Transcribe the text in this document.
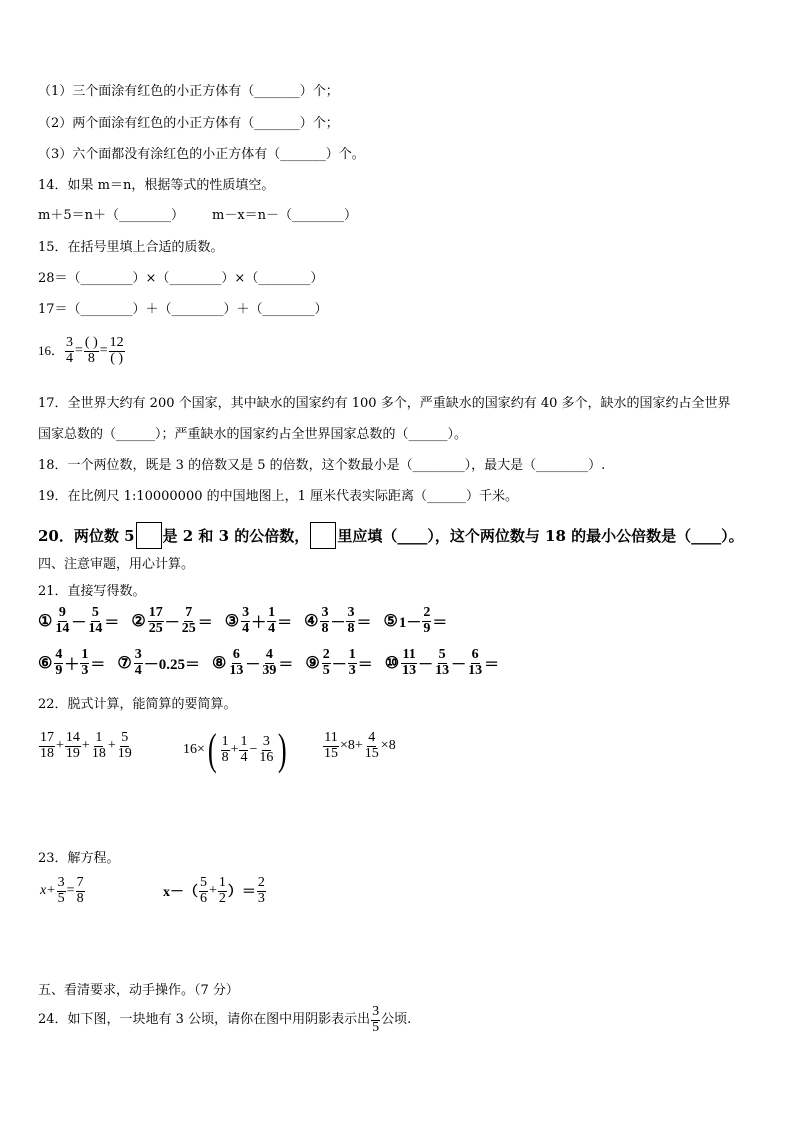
（1）三个面涂有红色的小正方体有（_______）个；
（2）两个面涂有红色的小正方体有（_______）个；
（3）六个面都没有涂红色的小正方体有（_______）个。
14．如果 m＝n，根据等式的性质填空。
m＋5＝n＋（________） m－x＝n－（________）
15．在括号里填上合适的质数。
28＝（________）×（________）×（________）
17＝（________）＋（________）＋（________）
16． $\frac{3}{4} = \frac{( )}{8} = \frac{12}{( )}$
17．全世界大约有 200 个国家，其中缺水的国家约有 100 多个，严重缺水的国家约有 40 多个，缺水的国家约占全世界
国家总数的（______）；严重缺水的国家约占全世界国家总数的（______）。
18．一个两位数，既是 3 的倍数又是 5 的倍数，这个数最小是（________），最大是（________）.
19．在比例尺 1:10000000 的中国地图上，1 厘米代表实际距离（______）千米。
20．两位数 5 是 2 和 3 的公倍数， 里应填（____），这个两位数与 18 的最小公倍数是（____）。
四、注意审题，用心计算。
21．直接写得数。
① $\frac{9}{14} - \frac{5}{14}$ ＝ ② $\frac{17}{25} - \frac{7}{25}$ ＝ ③ $\frac{3}{4} + \frac{1}{4}$ ＝ ④ $\frac{3}{8} - \frac{3}{8}$ ＝ ⑤ $1- \frac{2}{9}$ ＝
⑥ $\frac{4}{9} + \frac{1}{3}$ ＝ ⑦ $\frac{3}{4} -0.25$ ＝ ⑧ $\frac{6}{13} - \frac{4}{39}$ ＝ ⑨ $\frac{2}{5} - \frac{1}{3}$ ＝ ⑩ $\frac{11}{13} - \frac{5}{13} - \frac{6}{13}$ ＝
22．脱式计算，能简算的要简算。
$\frac{17}{18} + \frac{14}{19} + \frac{1}{18} + \frac{5}{19}$	16× ( $\frac{1}{8} + \frac{1}{4} - \frac{3}{16}$ )	$\frac{11}{15} \times 8+ \frac{4}{15} \times 8$
23．解方程。
$x+ \frac{3}{5} = \frac{7}{8}$	$x-( \frac{5}{6} + \frac{1}{2}$ ）＝ $\frac{2}{3}$
五、看清要求，动手操作。（7 分）
24．如下图，一块地有 3 公顷，请你在图中用阴影表示出 $\frac{3}{5}$ 公顷.
